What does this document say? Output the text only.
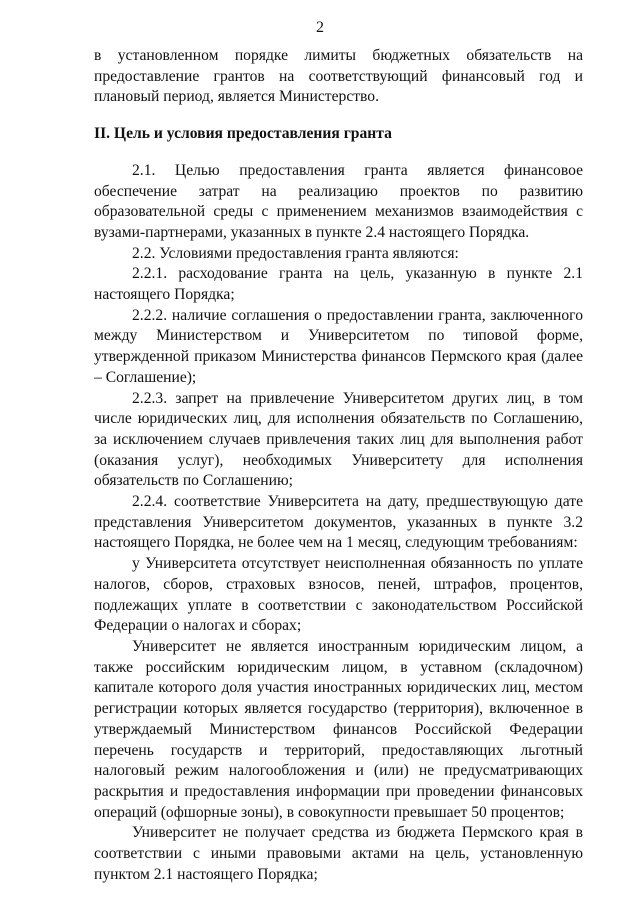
2

в установленном порядке лимиты бюджетных обязательств на предоставление грантов на соответствующий финансовый год и плановый период, является Министерство.

II. Цель и условия предоставления гранта

2.1. Целью предоставления гранта является финансовое обеспечение затрат на реализацию проектов по развитию образовательной среды с применением механизмов взаимодействия с вузами-партнерами, указанных в пункте 2.4 настоящего Порядка.

2.2. Условиями предоставления гранта являются:

2.2.1. расходование гранта на цель, указанную в пункте 2.1 настоящего Порядка;

2.2.2. наличие соглашения о предоставлении гранта, заключенного между Министерством и Университетом по типовой форме, утвержденной приказом Министерства финансов Пермского края (далее – Соглашение);

2.2.3. запрет на привлечение Университетом других лиц, в том числе юридических лиц, для исполнения обязательств по Соглашению, за исключением случаев привлечения таких лиц для выполнения работ (оказания услуг), необходимых Университету для исполнения обязательств по Соглашению;

2.2.4. соответствие Университета на дату, предшествующую дате представления Университетом документов, указанных в пункте 3.2 настоящего Порядка, не более чем на 1 месяц, следующим требованиям:

у Университета отсутствует неисполненная обязанность по уплате налогов, сборов, страховых взносов, пеней, штрафов, процентов, подлежащих уплате в соответствии с законодательством Российской Федерации о налогах и сборах;

Университет не является иностранным юридическим лицом, а также российским юридическим лицом, в уставном (складочном) капитале которого доля участия иностранных юридических лиц, местом регистрации которых является государство (территория), включенное в утверждаемый Министерством финансов Российской Федерации перечень государств и территорий, предоставляющих льготный налоговый режим налогообложения и (или) не предусматривающих раскрытия и предоставления информации при проведении финансовых операций (офшорные зоны), в совокупности превышает 50 процентов;

Университет не получает средства из бюджета Пермского края в соответствии с иными правовыми актами на цель, установленную пунктом 2.1 настоящего Порядка;
